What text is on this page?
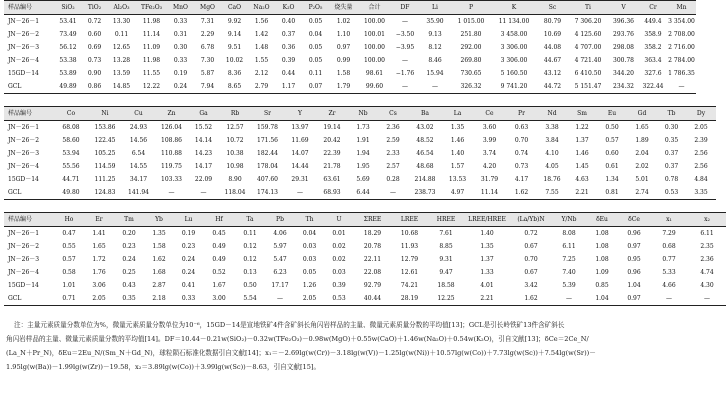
样品编号	SiO₂	TiO₂	Al₂O₃	TFe₂O₃	MnO	MgO	CaO	Na₂O	K₂O	P₂O₅	烧失量	合计	DF	Li	P	K	Sc	Ti	V	Cr	Mn
JN－26－1	53.41	0.72	13.30	11.98	0.33	7.31	9.92	1.56	0.40	0.05	1.02	100.00	—	35.90	1 015.00	11 134.00	80.79	7 306.20	396.36	449.4	3 354.00
JN－26－2	73.49	0.60	0.11	11.14	0.31	2.29	9.14	1.42	0.37	0.04	1.10	100.01	−3.50	9.13	251.80	3 458.00	10.69	4 125.60	293.76	358.9	2 708.00
JN－26－3	56.12	0.69	12.65	11.09	0.30	6.78	9.51	1.48	0.36	0.05	0.97	100.00	−3.95	8.12	292.00	3 306.00	44.08	4 707.00	298.08	358.2	2 716.00
JN－26－4	53.38	0.73	13.28	11.98	0.33	7.30	10.02	1.55	0.39	0.05	0.99	100.00	—	8.46	269.80	3 306.00	44.67	4 721.40	300.78	363.4	2 784.00
15GD－14	53.89	0.90	13.59	11.55	0.19	5.87	8.36	2.12	0.44	0.11	1.58	98.61	−1.76	15.94	730.65	5 160.50	43.12	6 410.50	344.20	327.6	1 786.35
GCL	49.89	0.86	14.85	12.22	0.24	7.94	8.65	2.79	1.17	0.07	1.79	99.60	—	—	326.32	9 741.20	44.72	5 151.47	234.32	322.44	—
样品编号	Co	Ni	Cu	Zn	Ga	Rb	Sr	Y	Zr	Nb	Cs	Ba	La	Ce	Pr	Nd	Sm	Eu	Gd	Tb	Dy
JN－26－1	68.08	153.86	24.93	126.04	15.52	12.57	159.78	13.97	19.14	1.73	2.36	43.02	1.35	3.60	0.63	3.38	1.22	0.50	1.65	0.30	2.05
JN－26－2	58.60	122.45	14.56	108.86	14.14	10.72	171.56	11.69	20.42	1.91	2.59	48.52	1.46	3.99	0.70	3.84	1.37	0.57	1.89	0.35	2.39
JN－26－3	53.94	105.25	6.54	110.88	14.23	10.38	182.44	14.07	22.39	1.94	2.33	46.54	1.40	3.74	0.74	4.10	1.46	0.60	2.04	0.37	2.56
JN－26－4	55.56	114.59	14.55	119.75	14.17	10.98	178.04	14.44	21.78	1.95	2.57	48.68	1.57	4.20	0.73	4.05	1.45	0.61	2.02	0.37	2.56
15GD－14	44.71	111.25	34.17	103.33	22.09	8.90	407.60	29.31	63.61	5.69	0.28	214.88	13.53	31.79	4.17	18.76	4.63	1.34	5.01	0.78	4.84
GCL	49.80	124.83	141.94	—	—	118.04	174.13	—	68.93	6.44	—	238.73	4.97	11.14	1.62	7.55	2.21	0.81	2.74	0.53	3.35
样品编号	Ho	Er	Tm	Yb	Lu	Hf	Ta	Pb	Th	U	ΣREE	LREE	HREE	LREE/HREE	(La/Yb)N	Y/Nb	δEu	δCe	x₁	x₂
JN－26－1	0.47	1.41	0.20	1.35	0.19	0.45	0.11	4.06	0.04	0.01	18.29	10.68	7.61	1.40	0.72	8.08	1.08	0.96	7.29	6.11
JN－26－2	0.55	1.65	0.23	1.58	0.23	0.49	0.12	5.97	0.03	0.02	20.78	11.93	8.85	1.35	0.67	6.11	1.08	0.97	0.68	2.35
JN－26－3	0.57	1.72	0.24	1.62	0.24	0.49	0.12	5.47	0.03	0.02	22.11	12.79	9.31	1.37	0.70	7.25	1.08	0.95	0.77	2.36
JN－26－4	0.58	1.76	0.25	1.68	0.24	0.52	0.13	6.23	0.05	0.03	22.08	12.61	9.47	1.33	0.67	7.40	1.09	0.96	5.33	4.74
15GD－14	1.01	3.06	0.43	2.87	0.41	1.67	0.50	17.17	1.26	0.39	92.79	74.21	18.58	4.01	3.42	5.39	0.85	1.04	4.66	4.30
GCL	0.71	2.05	0.35	2.18	0.33	3.00	5.54	—	2.05	0.53	40.44	28.19	12.25	2.21	1.62	—	1.04	0.97	—	—

注：主量元素质量分数单位为%，微量元素质量分数单位为10⁻⁶，15GD－14是宣地铁矿4件含矿斜长角闪岩样品的主量、微量元素质量分数的平均值[13]；GCL是引长岭铁矿13件含矿斜长

角闪岩样品的主量、微量元素质量分数的平均值[14]。DF＝10.44－0.21w(SiO₂)－0.32w(TFe₂O₃)－0.98w(MgO)＋0.55w(CaO)＋1.46w(Na₂O)＋0.54w(K₂O)，引自文献[13]；δCe＝2Ce_N/
(La_N＋Pr_N)，δEu＝2Eu_N/(Sm_N＋Gd_N)，球粒陨石标准化数据引自文献[14]；x₁＝－2.69lg(w(Cr))－3.18lg(w(V))－1.25lg(w(Ni))＋10.57lg(w(Co))＋7.73lg(w(Sc))＋7.54lg(w(Sr))－
1.95lg(w(Ba))－1.99lg(w(Zr))－19.58，x₂＝3.89lg(w(Co))＋3.99lg(w(Sc))－8.63，引自文献[15]。
